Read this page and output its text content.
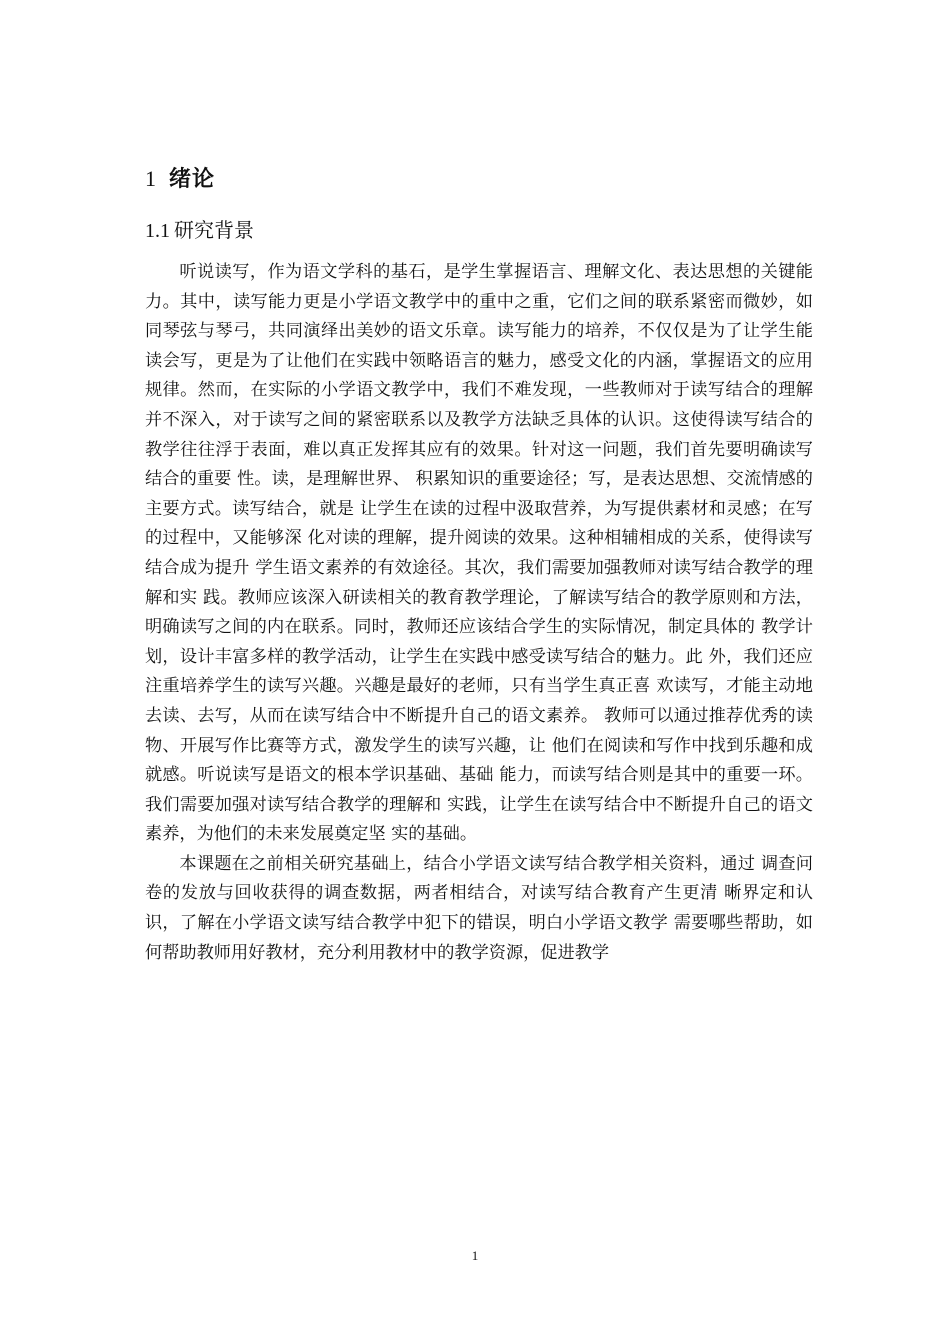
1 绪论
1.1 研究背景

听说读写，作为语文学科的基石，是学生掌握语言、理解文化、表达思想的关键能力。其中，读写能力更是小学语文教学中的重中之重，它们之间的联系紧密而微妙，如同琴弦与琴弓，共同演绎出美妙的语文乐章。读写能力的培养，不仅仅是为了让学生能读会写，更是为了让他们在实践中领略语言的魅力，感受文化的内涵，掌握语文的应用规律。然而，在实际的小学语文教学中，我们不难发现，一些教师对于读写结合的理解并不深入，对于读写之间的紧密联系以及教学方法缺乏具体的认识。这使得读写结合的教学往往浮于表面，难以真正发挥其应有的效果。针对这一问题，我们首先要明确读写结合的重要 性。读，是理解世界、 积累知识的重要途径；写，是表达思想、交流情感的主要方式。读写结合，就是 让学生在读的过程中汲取营养，为写提供素材和灵感；在写的过程中，又能够深 化对读的理解，提升阅读的效果。这种相辅相成的关系，使得读写结合成为提升 学生语文素养的有效途径。其次，我们需要加强教师对读写结合教学的理解和实 践。教师应该深入研读相关的教育教学理论，了解读写结合的教学原则和方法， 明确读写之间的内在联系。同时，教师还应该结合学生的实际情况，制定具体的 教学计划，设计丰富多样的教学活动，让学生在实践中感受读写结合的魅力。此 外，我们还应注重培养学生的读写兴趣。兴趣是最好的老师，只有当学生真正喜 欢读写，才能主动地去读、去写，从而在读写结合中不断提升自己的语文素养。 教师可以通过推荐优秀的读物、开展写作比赛等方式，激发学生的读写兴趣，让 他们在阅读和写作中找到乐趣和成就感。听说读写是语文的根本学识基础、基础 能力，而读写结合则是其中的重要一环。我们需要加强对读写结合教学的理解和 实践，让学生在读写结合中不断提升自己的语文素养，为他们的未来发展奠定坚 实的基础。

本课题在之前相关研究基础上，结合小学语文读写结合教学相关资料，通过 调查问卷的发放与回收获得的调查数据，两者相结合，对读写结合教育产生更清 晰界定和认识，了解在小学语文读写结合教学中犯下的错误，明白小学语文教学 需要哪些帮助，如何帮助教师用好教材，充分利用教材中的教学资源，促进教学

1
